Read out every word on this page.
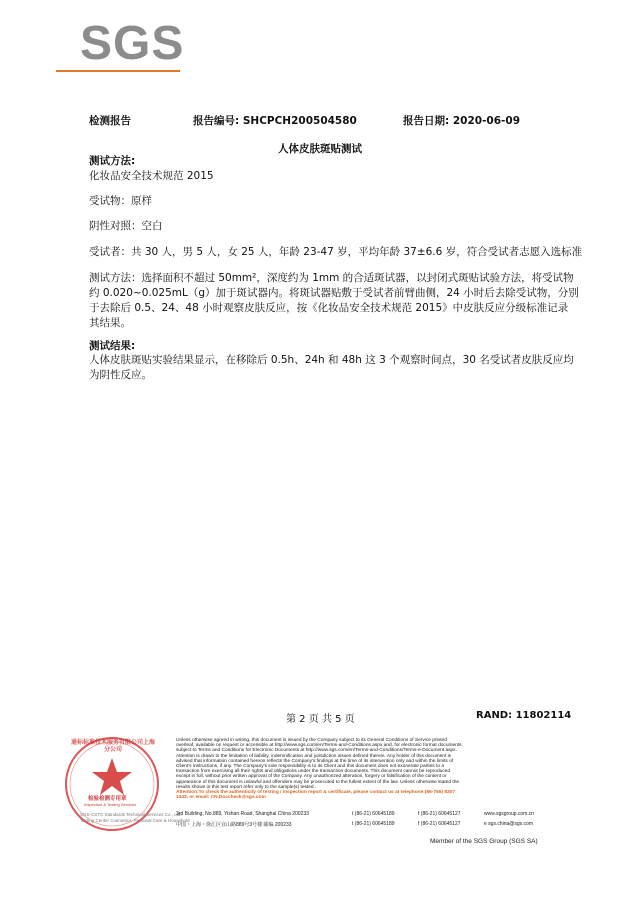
SGS
检测报告	报告编号: SHCPCH200504580	报告日期: 2020-06-09
人体皮肤斑贴测试
测试方法:
化妆品安全技术规范 2015
受试物：原样
阴性对照：空白
受试者：共 30 人，男 5 人，女 25 人，年龄 23-47 岁，平均年龄 37±6.6 岁，符合受试者志愿入选标准
测试方法：选择面积不超过 50mm²，深度约为 1mm 的合适斑试器，以封闭式斑贴试验方法，将受试物
约 0.020~0.025mL（g）加于斑试器内。将斑试器贴敷于受试者前臂曲侧，24 小时后去除受试物，分别
于去除后 0.5、24、48 小时观察皮肤反应，按《化妆品安全技术规范 2015》中皮肤反应分级标准记录
其结果。
测试结果:
人体皮肤斑贴实验结果显示，在移除后 0.5h、24h 和 48h 这 3 个观察时间点，30 名受试者皮肤反应均
为阴性反应。
第 2 页 共 5 页	RAND: 11802114
通标标准技术服务有限公司上海分公司
检验检测专用章
Inspection & Testing Services
SGS-CSTC Standards Technical Services Co., Ltd.
Testing Center Cosmetics, Personal Care & Household
Unless otherwise agreed in writing, this document is issued by the Company subject to its General Conditions of Service printed
overleaf, available on request or accessible at http://www.sgs.com/en/Terms-and-Conditions.aspx and, for electronic format documents,
subject to Terms and Conditions for Electronic Documents at http://www.sgs.com/en/Terms-and-Conditions/Terms-e-Document.aspx.
Attention is drawn to the limitation of liability, indemnification and jurisdiction issues defined therein. Any holder of this document is
advised that information contained hereon reflects the Company's findings at the time of its intervention only and within the limits of
Client's instructions, if any. The Company's sole responsibility is to its Client and this document does not exonerate parties to a
transaction from exercising all their rights and obligations under the transaction documents. This document cannot be reproduced
except in full, without prior written approval of the Company. Any unauthorized alteration, forgery or falsification of the content or
appearance of this document is unlawful and offenders may be prosecuted to the fullest extent of the law. Unless otherwise stated the
results shown in this test report refer only to the sample(s) tested .
Attention:To check the authenticity of testing / inspection report & certificate, please contact us at telephone:(86-755) 8307
1443, or email: CN.Doccheck@sgs.com
3rd Building, No.889, Yishan Road, Shanghai China 200233
中国・上海・徐汇区宜山路889号3号楼 邮编 200233
t (86-21) 60645189
t (86-21) 60645189
f (86-21) 60645127
f (86-21) 60645127
www.sgsgroup.com.cn
e sgs.china@sgs.com
Member of the SGS Group (SGS SA)
